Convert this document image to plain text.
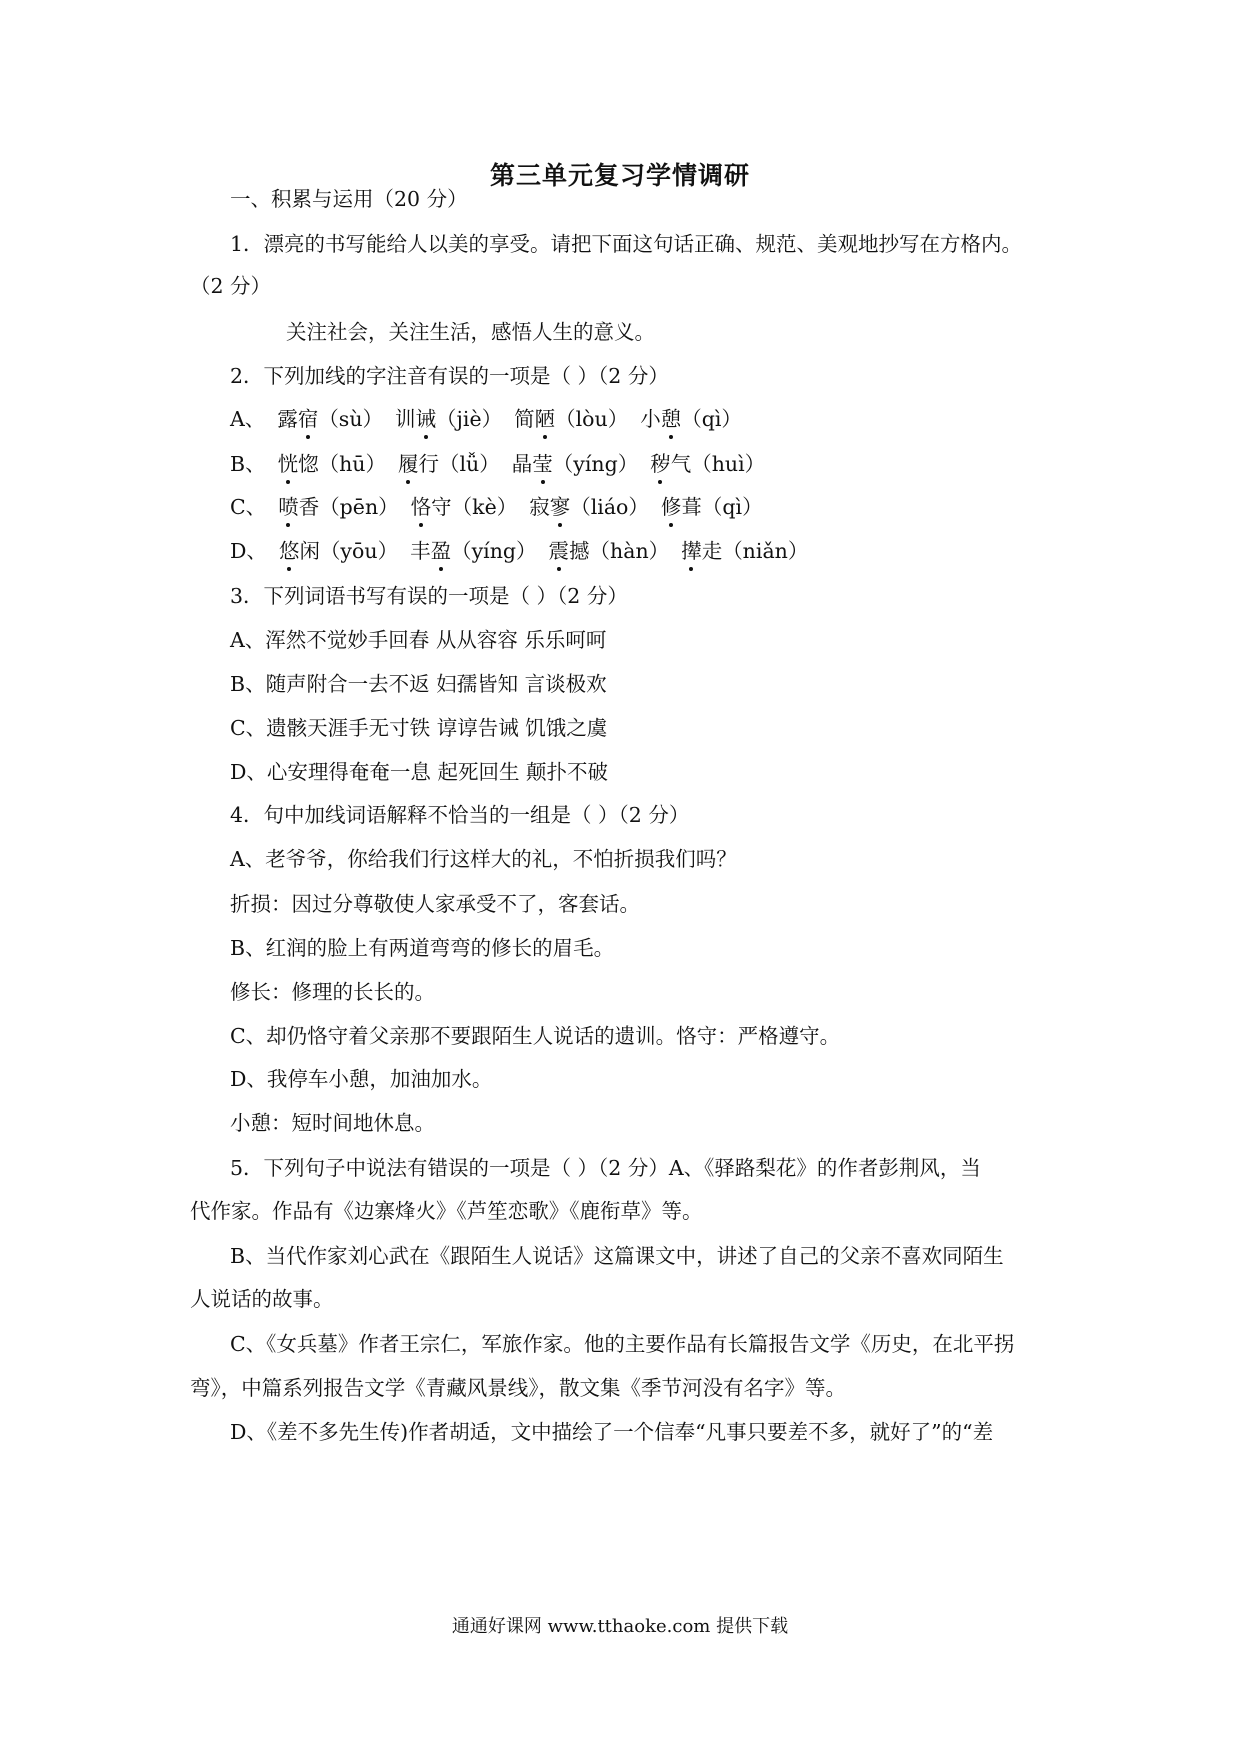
第三单元复习学情调研
一、积累与运用（20 分）
1．漂亮的书写能给人以美的享受。请把下面这句话正确、规范、美观地抄写在方格内。
（2 分）
关注社会，关注生活，感悟人生的意义。
2．下列加线的字注音有误的一项是（ ）（2 分）
A、 露宿（sù） 训诫（jiè） 简陋（lòu） 小憩（qì）
B、 恍惚（hū） 履行（lǚ） 晶莹（yíng） 秽气（huì）
C、 喷香（pēn） 恪守（kè） 寂寥（liáo） 修葺（qì）
D、 悠闲（yōu） 丰盈（yíng） 震撼（hàn） 撵走（niǎn）
3．下列词语书写有误的一项是（ ）（2 分）
A、浑然不觉妙手回春 从从容容 乐乐呵呵
B、随声附合一去不返 妇孺皆知 言谈极欢
C、遗骸天涯手无寸铁 谆谆告诫 饥饿之虞
D、心安理得奄奄一息 起死回生 颠扑不破
4．句中加线词语解释不恰当的一组是（ ）（2 分）
A、老爷爷，你给我们行这样大的礼，不怕折损我们吗？
折损：因过分尊敬使人家承受不了，客套话。
B、红润的脸上有两道弯弯的修长的眉毛。
修长：修理的长长的。
C、却仍恪守着父亲那不要跟陌生人说话的遗训。恪守：严格遵守。
D、我停车小憩，加油加水。
小憩：短时间地休息。
5．下列句子中说法有错误的一项是（ ）（2 分）A、《驿路梨花》的作者彭荆风，当
代作家。作品有《边寨烽火》《芦笙恋歌》《鹿衔草》等。
B、当代作家刘心武在《跟陌生人说话》这篇课文中，讲述了自己的父亲不喜欢同陌生
人说话的故事。
C、《女兵墓》作者王宗仁，军旅作家。他的主要作品有长篇报告文学《历史，在北平拐
弯》，中篇系列报告文学《青藏风景线》，散文集《季节河没有名字》等。
D、《差不多先生传)作者胡适，文中描绘了一个信奉“凡事只要差不多，就好了”的“差
通通好课网 www.tthaoke.com 提供下载
